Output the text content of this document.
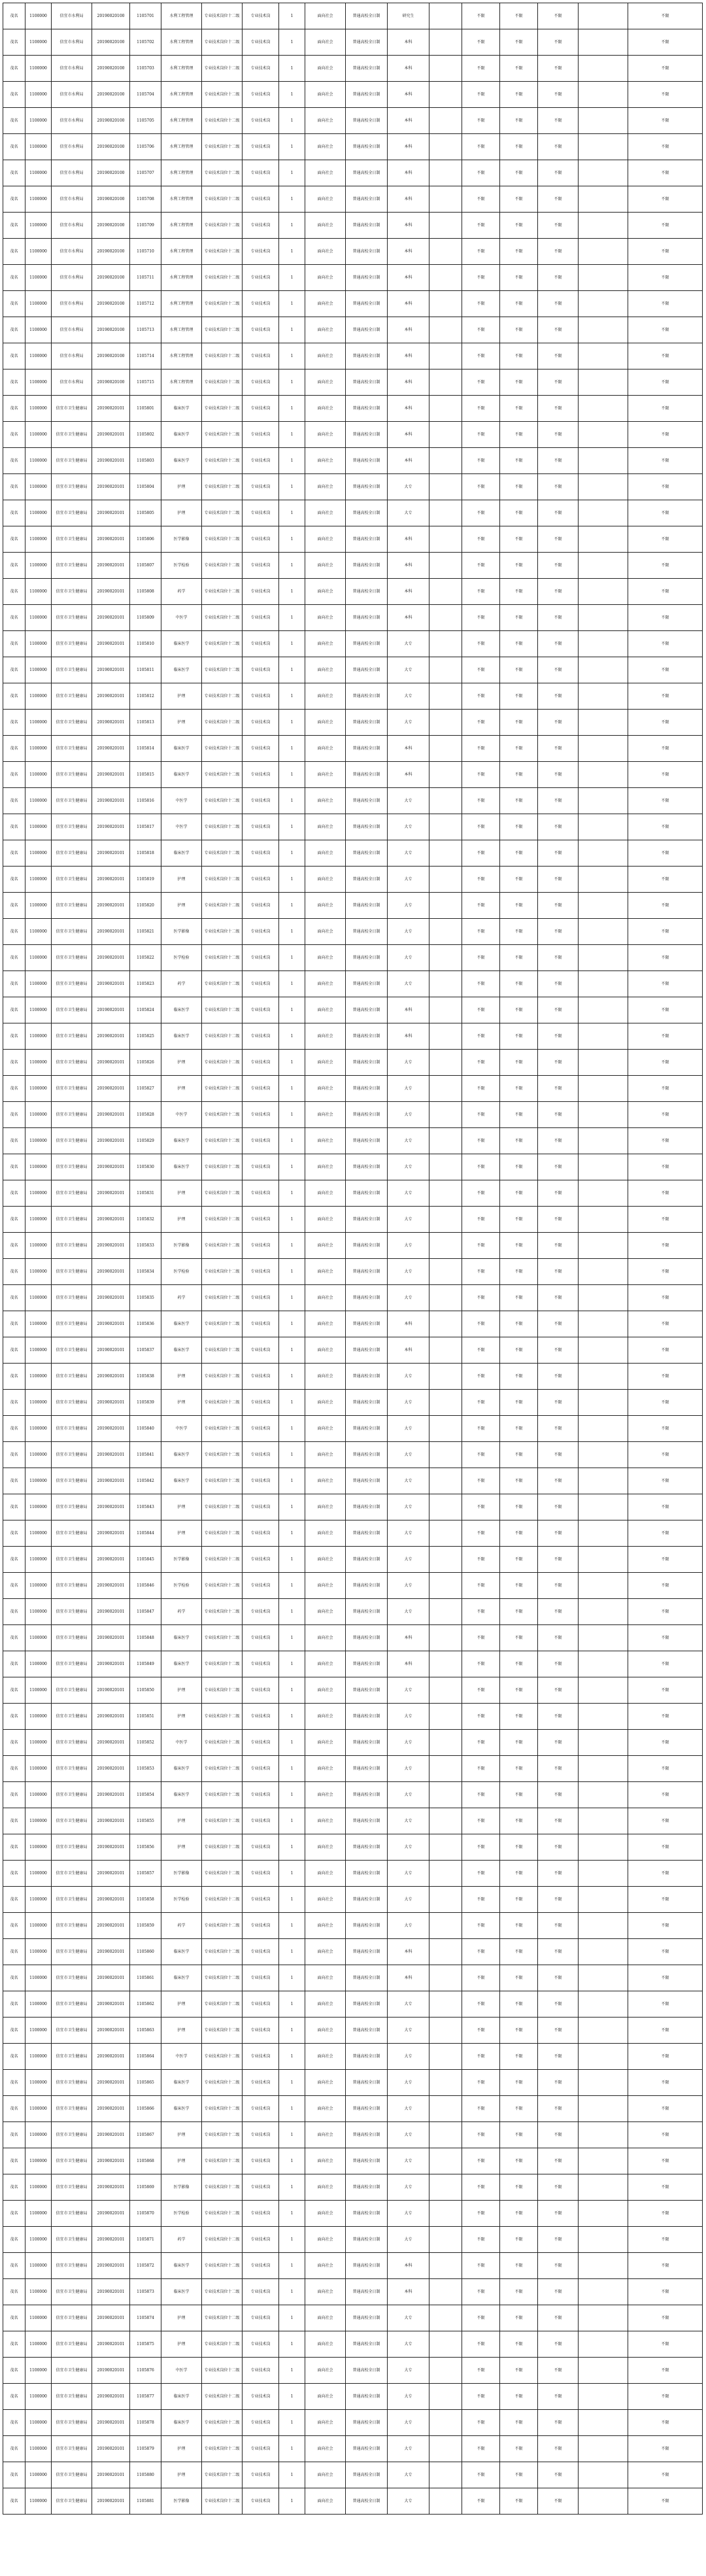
茂名	1100000	信宜市水利局	20190020100	1105701	水利工程管理	专业技术岗位十二级	专业技术岗	1	面向社会	普通高校全日制	研究生		不限	不限	不限		不限
茂名	1100000	信宜市水利局	20190020100	1105702	水利工程管理	专业技术岗位十二级	专业技术岗	1	面向社会	普通高校全日制	本科		不限	不限	不限		不限
茂名	1100000	信宜市水利局	20190020100	1105703	水利工程管理	专业技术岗位十二级	专业技术岗	1	面向社会	普通高校全日制	本科		不限	不限	不限		不限
茂名	1100000	信宜市水利局	20190020100	1105704	水利工程管理	专业技术岗位十二级	专业技术岗	1	面向社会	普通高校全日制	本科		不限	不限	不限		不限
茂名	1100000	信宜市水利局	20190020100	1105705	水利工程管理	专业技术岗位十二级	专业技术岗	1	面向社会	普通高校全日制	本科		不限	不限	不限		不限
茂名	1100000	信宜市水利局	20190020100	1105706	水利工程管理	专业技术岗位十二级	专业技术岗	1	面向社会	普通高校全日制	本科		不限	不限	不限		不限
茂名	1100000	信宜市水利局	20190020100	1105707	水利工程管理	专业技术岗位十二级	专业技术岗	1	面向社会	普通高校全日制	本科		不限	不限	不限		不限
茂名	1100000	信宜市水利局	20190020100	1105708	水利工程管理	专业技术岗位十二级	专业技术岗	1	面向社会	普通高校全日制	本科		不限	不限	不限		不限
茂名	1100000	信宜市水利局	20190020100	1105709	水利工程管理	专业技术岗位十二级	专业技术岗	1	面向社会	普通高校全日制	本科		不限	不限	不限		不限
茂名	1100000	信宜市水利局	20190020100	1105710	水利工程管理	专业技术岗位十二级	专业技术岗	1	面向社会	普通高校全日制	本科		不限	不限	不限		不限
茂名	1100000	信宜市水利局	20190020100	1105711	水利工程管理	专业技术岗位十二级	专业技术岗	1	面向社会	普通高校全日制	本科		不限	不限	不限		不限
茂名	1100000	信宜市水利局	20190020100	1105712	水利工程管理	专业技术岗位十二级	专业技术岗	1	面向社会	普通高校全日制	本科		不限	不限	不限		不限
茂名	1100000	信宜市水利局	20190020100	1105713	水利工程管理	专业技术岗位十二级	专业技术岗	1	面向社会	普通高校全日制	本科		不限	不限	不限		不限
茂名	1100000	信宜市水利局	20190020100	1105714	水利工程管理	专业技术岗位十二级	专业技术岗	1	面向社会	普通高校全日制	本科		不限	不限	不限		不限
茂名	1100000	信宜市水利局	20190020100	1105715	水利工程管理	专业技术岗位十二级	专业技术岗	1	面向社会	普通高校全日制	本科		不限	不限	不限		不限
茂名	1100000	信宜市卫生健康局	20190020101	1105801	临床医学	专业技术岗位十二级	专业技术岗	1	面向社会	普通高校全日制	本科		不限	不限	不限		不限
茂名	1100000	信宜市卫生健康局	20190020101	1105802	临床医学	专业技术岗位十二级	专业技术岗	1	面向社会	普通高校全日制	本科		不限	不限	不限		不限
茂名	1100000	信宜市卫生健康局	20190020101	1105803	临床医学	专业技术岗位十二级	专业技术岗	1	面向社会	普通高校全日制	本科		不限	不限	不限		不限
茂名	1100000	信宜市卫生健康局	20190020101	1105804	护理	专业技术岗位十二级	专业技术岗	1	面向社会	普通高校全日制	大专		不限	不限	不限		不限
茂名	1100000	信宜市卫生健康局	20190020101	1105805	护理	专业技术岗位十二级	专业技术岗	1	面向社会	普通高校全日制	大专		不限	不限	不限		不限
茂名	1100000	信宜市卫生健康局	20190020101	1105806	医学影像	专业技术岗位十二级	专业技术岗	1	面向社会	普通高校全日制	本科		不限	不限	不限		不限
茂名	1100000	信宜市卫生健康局	20190020101	1105807	医学检验	专业技术岗位十二级	专业技术岗	1	面向社会	普通高校全日制	本科		不限	不限	不限		不限
茂名	1100000	信宜市卫生健康局	20190020101	1105808	药学	专业技术岗位十二级	专业技术岗	1	面向社会	普通高校全日制	本科		不限	不限	不限		不限
茂名	1100000	信宜市卫生健康局	20190020101	1105809	中医学	专业技术岗位十二级	专业技术岗	1	面向社会	普通高校全日制	本科		不限	不限	不限		不限
茂名	1100000	信宜市卫生健康局	20190020101	1105810	临床医学	专业技术岗位十二级	专业技术岗	1	面向社会	普通高校全日制	大专		不限	不限	不限		不限
茂名	1100000	信宜市卫生健康局	20190020101	1105811	临床医学	专业技术岗位十二级	专业技术岗	1	面向社会	普通高校全日制	大专		不限	不限	不限		不限
茂名	1100000	信宜市卫生健康局	20190020101	1105812	护理	专业技术岗位十二级	专业技术岗	1	面向社会	普通高校全日制	大专		不限	不限	不限		不限
茂名	1100000	信宜市卫生健康局	20190020101	1105813	护理	专业技术岗位十二级	专业技术岗	1	面向社会	普通高校全日制	大专		不限	不限	不限		不限
茂名	1100000	信宜市卫生健康局	20190020101	1105814	临床医学	专业技术岗位十二级	专业技术岗	1	面向社会	普通高校全日制	本科		不限	不限	不限		不限
茂名	1100000	信宜市卫生健康局	20190020101	1105815	临床医学	专业技术岗位十二级	专业技术岗	1	面向社会	普通高校全日制	本科		不限	不限	不限		不限
茂名	1100000	信宜市卫生健康局	20190020101	1105816	中医学	专业技术岗位十二级	专业技术岗	1	面向社会	普通高校全日制	大专		不限	不限	不限		不限
茂名	1100000	信宜市卫生健康局	20190020101	1105817	中医学	专业技术岗位十二级	专业技术岗	1	面向社会	普通高校全日制	大专		不限	不限	不限		不限
茂名	1100000	信宜市卫生健康局	20190020101	1105818	临床医学	专业技术岗位十二级	专业技术岗	1	面向社会	普通高校全日制	大专		不限	不限	不限		不限
茂名	1100000	信宜市卫生健康局	20190020101	1105819	护理	专业技术岗位十二级	专业技术岗	1	面向社会	普通高校全日制	大专		不限	不限	不限		不限
茂名	1100000	信宜市卫生健康局	20190020101	1105820	护理	专业技术岗位十二级	专业技术岗	1	面向社会	普通高校全日制	大专		不限	不限	不限		不限
茂名	1100000	信宜市卫生健康局	20190020101	1105821	医学影像	专业技术岗位十二级	专业技术岗	1	面向社会	普通高校全日制	大专		不限	不限	不限		不限
茂名	1100000	信宜市卫生健康局	20190020101	1105822	医学检验	专业技术岗位十二级	专业技术岗	1	面向社会	普通高校全日制	大专		不限	不限	不限		不限
茂名	1100000	信宜市卫生健康局	20190020101	1105823	药学	专业技术岗位十二级	专业技术岗	1	面向社会	普通高校全日制	大专		不限	不限	不限		不限
茂名	1100000	信宜市卫生健康局	20190020101	1105824	临床医学	专业技术岗位十二级	专业技术岗	1	面向社会	普通高校全日制	本科		不限	不限	不限		不限
茂名	1100000	信宜市卫生健康局	20190020101	1105825	临床医学	专业技术岗位十二级	专业技术岗	1	面向社会	普通高校全日制	本科		不限	不限	不限		不限
茂名	1100000	信宜市卫生健康局	20190020101	1105826	护理	专业技术岗位十二级	专业技术岗	1	面向社会	普通高校全日制	大专		不限	不限	不限		不限
茂名	1100000	信宜市卫生健康局	20190020101	1105827	护理	专业技术岗位十二级	专业技术岗	1	面向社会	普通高校全日制	大专		不限	不限	不限		不限
茂名	1100000	信宜市卫生健康局	20190020101	1105828	中医学	专业技术岗位十二级	专业技术岗	1	面向社会	普通高校全日制	大专		不限	不限	不限		不限
茂名	1100000	信宜市卫生健康局	20190020101	1105829	临床医学	专业技术岗位十二级	专业技术岗	1	面向社会	普通高校全日制	大专		不限	不限	不限		不限
茂名	1100000	信宜市卫生健康局	20190020101	1105830	临床医学	专业技术岗位十二级	专业技术岗	1	面向社会	普通高校全日制	大专		不限	不限	不限		不限
茂名	1100000	信宜市卫生健康局	20190020101	1105831	护理	专业技术岗位十二级	专业技术岗	1	面向社会	普通高校全日制	大专		不限	不限	不限		不限
茂名	1100000	信宜市卫生健康局	20190020101	1105832	护理	专业技术岗位十二级	专业技术岗	1	面向社会	普通高校全日制	大专		不限	不限	不限		不限
茂名	1100000	信宜市卫生健康局	20190020101	1105833	医学影像	专业技术岗位十二级	专业技术岗	1	面向社会	普通高校全日制	大专		不限	不限	不限		不限
茂名	1100000	信宜市卫生健康局	20190020101	1105834	医学检验	专业技术岗位十二级	专业技术岗	1	面向社会	普通高校全日制	大专		不限	不限	不限		不限
茂名	1100000	信宜市卫生健康局	20190020101	1105835	药学	专业技术岗位十二级	专业技术岗	1	面向社会	普通高校全日制	大专		不限	不限	不限		不限
茂名	1100000	信宜市卫生健康局	20190020101	1105836	临床医学	专业技术岗位十二级	专业技术岗	1	面向社会	普通高校全日制	本科		不限	不限	不限		不限
茂名	1100000	信宜市卫生健康局	20190020101	1105837	临床医学	专业技术岗位十二级	专业技术岗	1	面向社会	普通高校全日制	本科		不限	不限	不限		不限
茂名	1100000	信宜市卫生健康局	20190020101	1105838	护理	专业技术岗位十二级	专业技术岗	1	面向社会	普通高校全日制	大专		不限	不限	不限		不限
茂名	1100000	信宜市卫生健康局	20190020101	1105839	护理	专业技术岗位十二级	专业技术岗	1	面向社会	普通高校全日制	大专		不限	不限	不限		不限
茂名	1100000	信宜市卫生健康局	20190020101	1105840	中医学	专业技术岗位十二级	专业技术岗	1	面向社会	普通高校全日制	大专		不限	不限	不限		不限
茂名	1100000	信宜市卫生健康局	20190020101	1105841	临床医学	专业技术岗位十二级	专业技术岗	1	面向社会	普通高校全日制	大专		不限	不限	不限		不限
茂名	1100000	信宜市卫生健康局	20190020101	1105842	临床医学	专业技术岗位十二级	专业技术岗	1	面向社会	普通高校全日制	大专		不限	不限	不限		不限
茂名	1100000	信宜市卫生健康局	20190020101	1105843	护理	专业技术岗位十二级	专业技术岗	1	面向社会	普通高校全日制	大专		不限	不限	不限		不限
茂名	1100000	信宜市卫生健康局	20190020101	1105844	护理	专业技术岗位十二级	专业技术岗	1	面向社会	普通高校全日制	大专		不限	不限	不限		不限
茂名	1100000	信宜市卫生健康局	20190020101	1105845	医学影像	专业技术岗位十二级	专业技术岗	1	面向社会	普通高校全日制	大专		不限	不限	不限		不限
茂名	1100000	信宜市卫生健康局	20190020101	1105846	医学检验	专业技术岗位十二级	专业技术岗	1	面向社会	普通高校全日制	大专		不限	不限	不限		不限
茂名	1100000	信宜市卫生健康局	20190020101	1105847	药学	专业技术岗位十二级	专业技术岗	1	面向社会	普通高校全日制	大专		不限	不限	不限		不限
茂名	1100000	信宜市卫生健康局	20190020101	1105848	临床医学	专业技术岗位十二级	专业技术岗	1	面向社会	普通高校全日制	本科		不限	不限	不限		不限
茂名	1100000	信宜市卫生健康局	20190020101	1105849	临床医学	专业技术岗位十二级	专业技术岗	1	面向社会	普通高校全日制	本科		不限	不限	不限		不限
茂名	1100000	信宜市卫生健康局	20190020101	1105850	护理	专业技术岗位十二级	专业技术岗	1	面向社会	普通高校全日制	大专		不限	不限	不限		不限
茂名	1100000	信宜市卫生健康局	20190020101	1105851	护理	专业技术岗位十二级	专业技术岗	1	面向社会	普通高校全日制	大专		不限	不限	不限		不限
茂名	1100000	信宜市卫生健康局	20190020101	1105852	中医学	专业技术岗位十二级	专业技术岗	1	面向社会	普通高校全日制	大专		不限	不限	不限		不限
茂名	1100000	信宜市卫生健康局	20190020101	1105853	临床医学	专业技术岗位十二级	专业技术岗	1	面向社会	普通高校全日制	大专		不限	不限	不限		不限
茂名	1100000	信宜市卫生健康局	20190020101	1105854	临床医学	专业技术岗位十二级	专业技术岗	1	面向社会	普通高校全日制	大专		不限	不限	不限		不限
茂名	1100000	信宜市卫生健康局	20190020101	1105855	护理	专业技术岗位十二级	专业技术岗	1	面向社会	普通高校全日制	大专		不限	不限	不限		不限
茂名	1100000	信宜市卫生健康局	20190020101	1105856	护理	专业技术岗位十二级	专业技术岗	1	面向社会	普通高校全日制	大专		不限	不限	不限		不限
茂名	1100000	信宜市卫生健康局	20190020101	1105857	医学影像	专业技术岗位十二级	专业技术岗	1	面向社会	普通高校全日制	大专		不限	不限	不限		不限
茂名	1100000	信宜市卫生健康局	20190020101	1105858	医学检验	专业技术岗位十二级	专业技术岗	1	面向社会	普通高校全日制	大专		不限	不限	不限		不限
茂名	1100000	信宜市卫生健康局	20190020101	1105859	药学	专业技术岗位十二级	专业技术岗	1	面向社会	普通高校全日制	大专		不限	不限	不限		不限
茂名	1100000	信宜市卫生健康局	20190020101	1105860	临床医学	专业技术岗位十二级	专业技术岗	1	面向社会	普通高校全日制	本科		不限	不限	不限		不限
茂名	1100000	信宜市卫生健康局	20190020101	1105861	临床医学	专业技术岗位十二级	专业技术岗	1	面向社会	普通高校全日制	本科		不限	不限	不限		不限
茂名	1100000	信宜市卫生健康局	20190020101	1105862	护理	专业技术岗位十二级	专业技术岗	1	面向社会	普通高校全日制	大专		不限	不限	不限		不限
茂名	1100000	信宜市卫生健康局	20190020101	1105863	护理	专业技术岗位十二级	专业技术岗	1	面向社会	普通高校全日制	大专		不限	不限	不限		不限
茂名	1100000	信宜市卫生健康局	20190020101	1105864	中医学	专业技术岗位十二级	专业技术岗	1	面向社会	普通高校全日制	大专		不限	不限	不限		不限
茂名	1100000	信宜市卫生健康局	20190020101	1105865	临床医学	专业技术岗位十二级	专业技术岗	1	面向社会	普通高校全日制	大专		不限	不限	不限		不限
茂名	1100000	信宜市卫生健康局	20190020101	1105866	临床医学	专业技术岗位十二级	专业技术岗	1	面向社会	普通高校全日制	大专		不限	不限	不限		不限
茂名	1100000	信宜市卫生健康局	20190020101	1105867	护理	专业技术岗位十二级	专业技术岗	1	面向社会	普通高校全日制	大专		不限	不限	不限		不限
茂名	1100000	信宜市卫生健康局	20190020101	1105868	护理	专业技术岗位十二级	专业技术岗	1	面向社会	普通高校全日制	大专		不限	不限	不限		不限
茂名	1100000	信宜市卫生健康局	20190020101	1105869	医学影像	专业技术岗位十二级	专业技术岗	1	面向社会	普通高校全日制	大专		不限	不限	不限		不限
茂名	1100000	信宜市卫生健康局	20190020101	1105870	医学检验	专业技术岗位十二级	专业技术岗	1	面向社会	普通高校全日制	大专		不限	不限	不限		不限
茂名	1100000	信宜市卫生健康局	20190020101	1105871	药学	专业技术岗位十二级	专业技术岗	1	面向社会	普通高校全日制	大专		不限	不限	不限		不限
茂名	1100000	信宜市卫生健康局	20190020101	1105872	临床医学	专业技术岗位十二级	专业技术岗	1	面向社会	普通高校全日制	本科		不限	不限	不限		不限
茂名	1100000	信宜市卫生健康局	20190020101	1105873	临床医学	专业技术岗位十二级	专业技术岗	1	面向社会	普通高校全日制	本科		不限	不限	不限		不限
茂名	1100000	信宜市卫生健康局	20190020101	1105874	护理	专业技术岗位十二级	专业技术岗	1	面向社会	普通高校全日制	大专		不限	不限	不限		不限
茂名	1100000	信宜市卫生健康局	20190020101	1105875	护理	专业技术岗位十二级	专业技术岗	1	面向社会	普通高校全日制	大专		不限	不限	不限		不限
茂名	1100000	信宜市卫生健康局	20190020101	1105876	中医学	专业技术岗位十二级	专业技术岗	1	面向社会	普通高校全日制	大专		不限	不限	不限		不限
茂名	1100000	信宜市卫生健康局	20190020101	1105877	临床医学	专业技术岗位十二级	专业技术岗	1	面向社会	普通高校全日制	大专		不限	不限	不限		不限
茂名	1100000	信宜市卫生健康局	20190020101	1105878	临床医学	专业技术岗位十二级	专业技术岗	1	面向社会	普通高校全日制	大专		不限	不限	不限		不限
茂名	1100000	信宜市卫生健康局	20190020101	1105879	护理	专业技术岗位十二级	专业技术岗	1	面向社会	普通高校全日制	大专		不限	不限	不限		不限
茂名	1100000	信宜市卫生健康局	20190020101	1105880	护理	专业技术岗位十二级	专业技术岗	1	面向社会	普通高校全日制	大专		不限	不限	不限		不限
茂名	1100000	信宜市卫生健康局	20190020101	1105881	医学影像	专业技术岗位十二级	专业技术岗	1	面向社会	普通高校全日制	大专		不限	不限	不限		不限
